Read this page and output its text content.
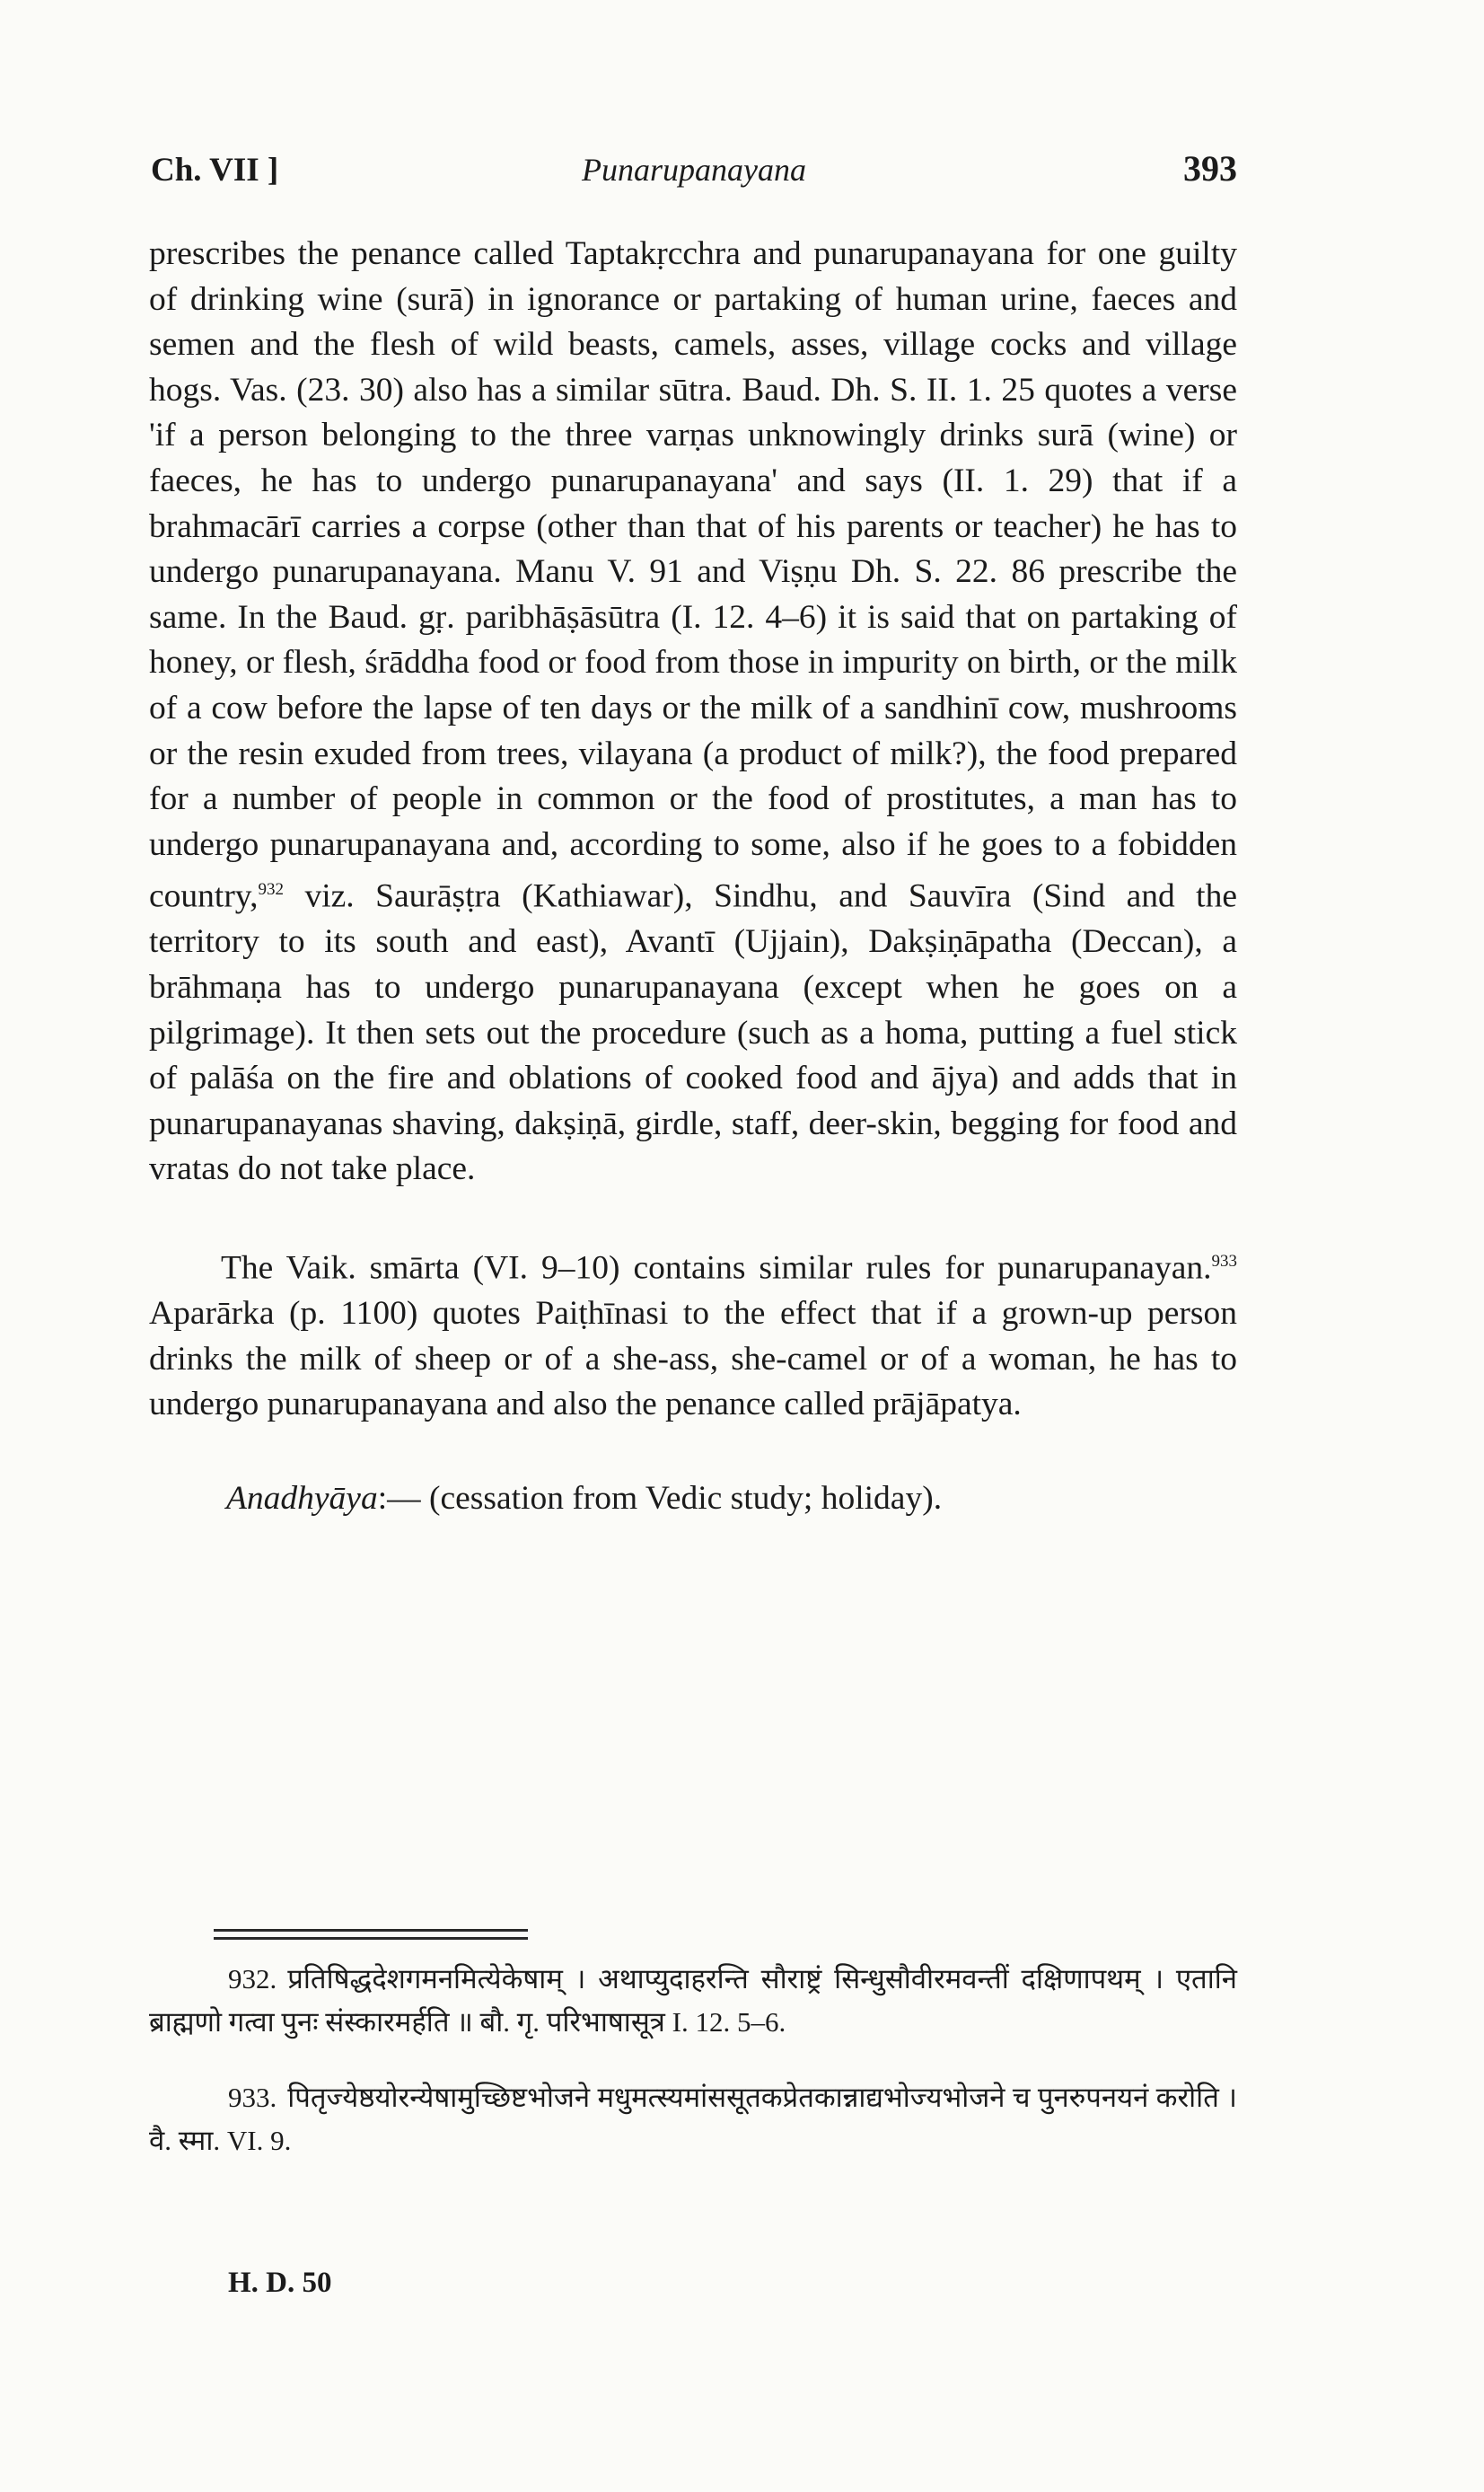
Ch. VII ]	Punarupanayana	393

prescribes the penance called Taptakṛcchra and punarupanayana for one guilty of drinking wine (surā) in ignorance or partaking of human urine, faeces and semen and the flesh of wild beasts, camels, asses, village cocks and village hogs. Vas. (23. 30) also has a similar sūtra. Baud. Dh. S. II. 1. 25 quotes a verse 'if a person belonging to the three varṇas unknowingly drinks surā (wine) or faeces, he has to undergo punarupanayana' and says (II. 1. 29) that if a brahmacārī carries a corpse (other than that of his parents or teacher) he has to undergo punarupanayana. Manu V. 91 and Viṣṇu Dh. S. 22. 86 prescribe the same. In the Baud. gṛ. paribhāṣāsūtra (I. 12. 4–6) it is said that on partaking of honey, or flesh, śrāddha food or food from those in impurity on birth, or the milk of a cow before the lapse of ten days or the milk of a sandhinī cow, mushrooms or the resin exuded from trees, vilayana (a product of milk?), the food prepared for a number of people in common or the food of prostitutes, a man has to undergo punarupanayana and, according to some, also if he goes to a fobidden country,$^{932}$ viz. Saurāṣṭra (Kathiawar), Sindhu, and Sauvīra (Sind and the territory to its south and east), Avantī (Ujjain), Dakṣiṇāpatha (Deccan), a brāhmaṇa has to undergo punarupanayana (except when he goes on a pilgrimage). It then sets out the procedure (such as a homa, putting a fuel stick of palāśa on the fire and oblations of cooked food and ājya) and adds that in punarupanayanas shaving, dakṣiṇā, girdle, staff, deer-skin, begging for food and vratas do not take place.

The Vaik. smārta (VI. 9–10) contains similar rules for punarupanayan.$^{933}$ Aparārka (p. 1100) quotes Paiṭhīnasi to the effect that if a grown-up person drinks the milk of sheep or of a she-ass, she-camel or of a woman, he has to undergo punarupanayana and also the penance called prājāpatya.

Anadhyāya:— (cessation from Vedic study; holiday).

932. प्रतिषिद्धदेशगमनमित्येकेषाम् । अथाप्युदाहरन्ति सौराष्ट्रं सिन्धुसौवीरमवन्तीं दक्षिणापथम् । एतानि ब्राह्मणो गत्वा पुनः संस्कारमर्हति ॥ बौ. गृ. परिभाषासूत्र I. 12. 5–6.

933. पितृज्येष्ठयोरन्येषामुच्छिष्टभोजने मधुमत्स्यमांससूतकप्रेतकान्नाद्यभोज्यभोजने च पुनरुपनयनं करोति । वै. स्मा. VI. 9.

H. D. 50
